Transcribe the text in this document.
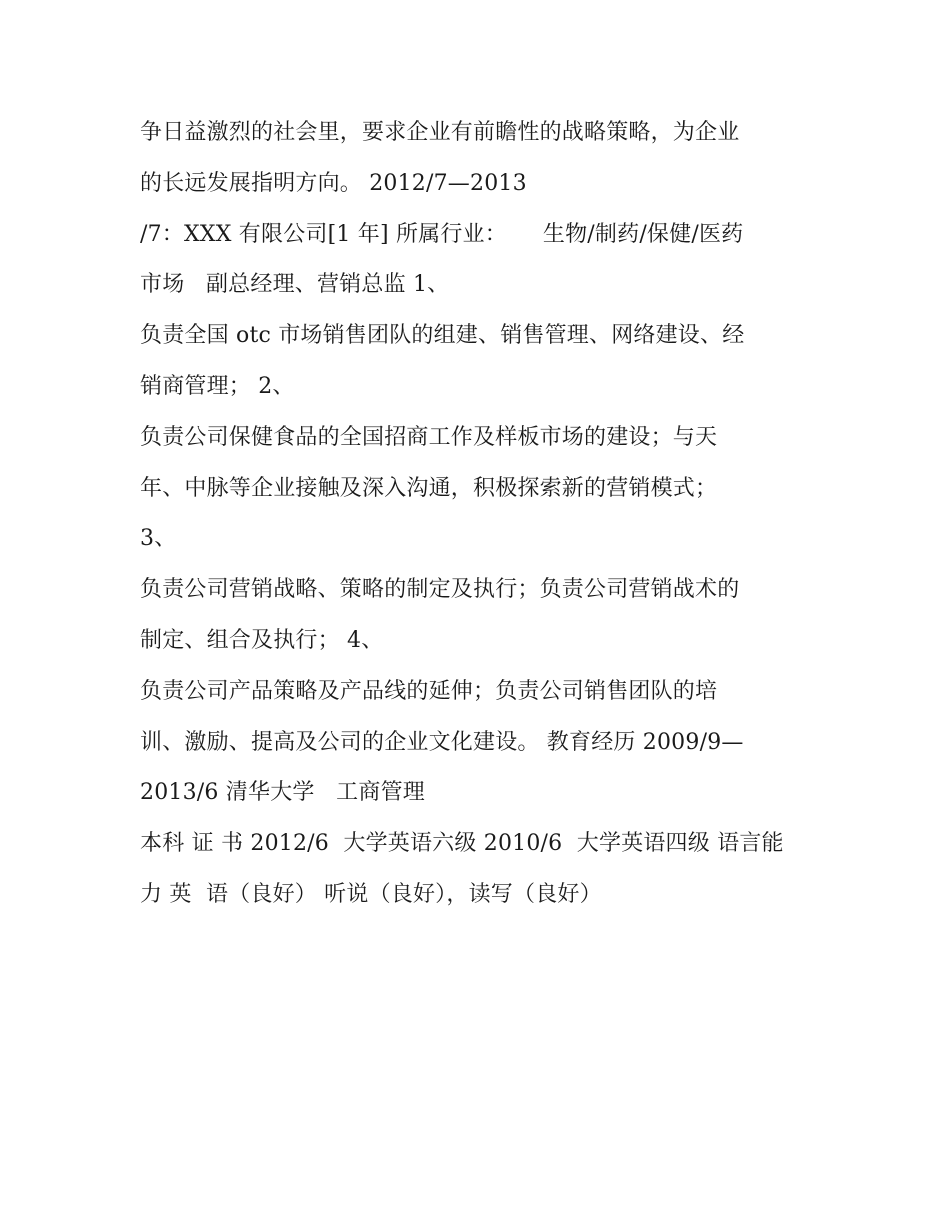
争日益激烈的社会里，要求企业有前瞻性的战略策略，为企业
的长远发展指明方向。 2012/7—2013
/7：XXX 有限公司[1 年] 所属行业：     生物/制药/保健/医药
市场   副总经理、营销总监 1、
负责全国 otc 市场销售团队的组建、销售管理、网络建设、经
销商管理； 2、
负责公司保健食品的全国招商工作及样板市场的建设；与天
年、中脉等企业接触及深入沟通，积极探索新的营销模式；
3、
负责公司营销战略、策略的制定及执行；负责公司营销战术的
制定、组合及执行； 4、
负责公司产品策略及产品线的延伸；负责公司销售团队的培
训、激励、提高及公司的企业文化建设。 教育经历 2009/9—
2013/6 清华大学   工商管理
本科 证 书 2012/6  大学英语六级 2010/6  大学英语四级 语言能
力 英  语（良好） 听说（良好），读写（良好）
